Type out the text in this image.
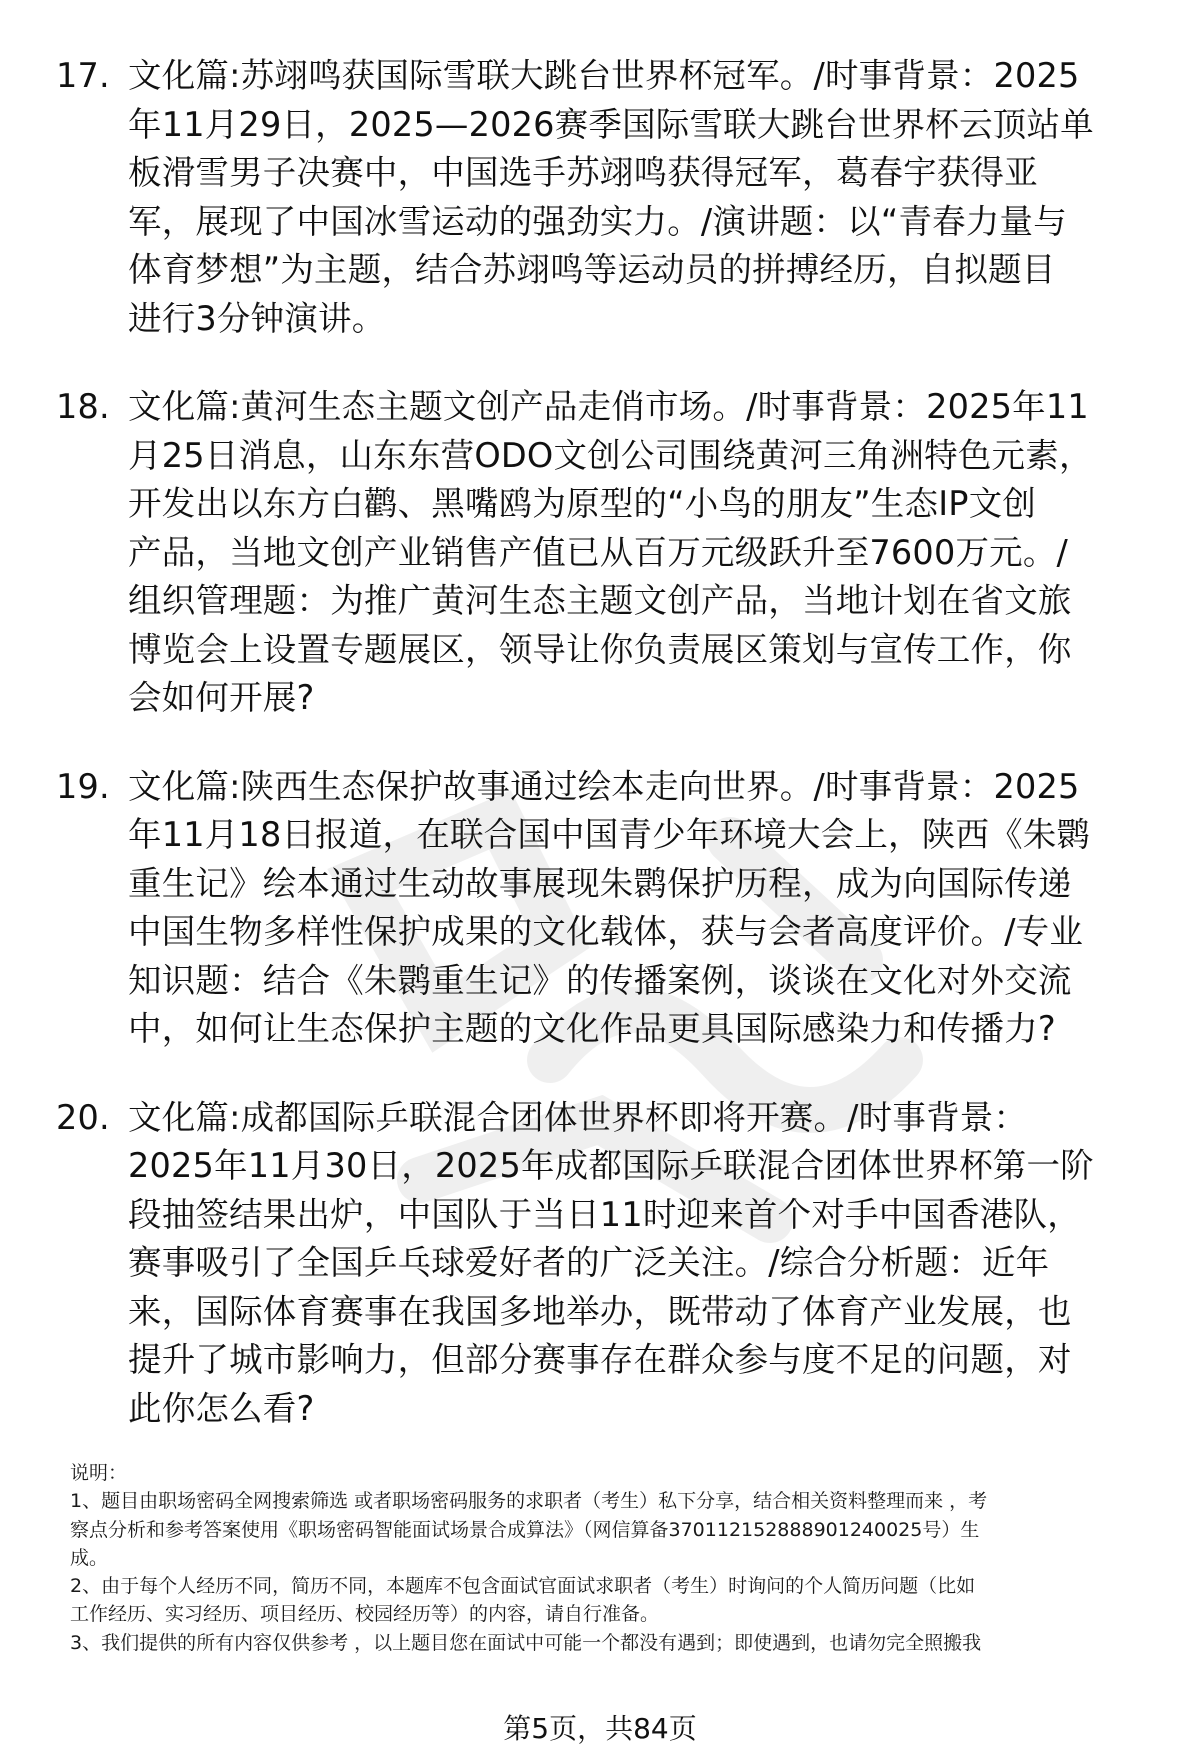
17. 文化篇:苏翊鸣获国际雪联大跳台世界杯冠军。/时事背景：2025
年11月29日，2025—2026赛季国际雪联大跳台世界杯云顶站单
板滑雪男子决赛中，中国选手苏翊鸣获得冠军，葛春宇获得亚
军，展现了中国冰雪运动的强劲实力。/演讲题：以“青春力量与
体育梦想”为主题，结合苏翊鸣等运动员的拼搏经历，自拟题目
进行3分钟演讲。
18. 文化篇:黄河生态主题文创产品走俏市场。/时事背景：2025年11
月25日消息，山东东营ODO文创公司围绕黄河三角洲特色元素，
开发出以东方白鹳、黑嘴鸥为原型的“小鸟的朋友”生态IP文创
产品，当地文创产业销售产值已从百万元级跃升至7600万元。/
组织管理题：为推广黄河生态主题文创产品，当地计划在省文旅
博览会上设置专题展区，领导让你负责展区策划与宣传工作，你
会如何开展?
19. 文化篇:陕西生态保护故事通过绘本走向世界。/时事背景：2025
年11月18日报道，在联合国中国青少年环境大会上，陕西《朱鹮
重生记》绘本通过生动故事展现朱鹮保护历程，成为向国际传递
中国生物多样性保护成果的文化载体，获与会者高度评价。/专业
知识题：结合《朱鹮重生记》的传播案例，谈谈在文化对外交流
中，如何让生态保护主题的文化作品更具国际感染力和传播力?
20. 文化篇:成都国际乒联混合团体世界杯即将开赛。/时事背景：
2025年11月30日，2025年成都国际乒联混合团体世界杯第一阶
段抽签结果出炉，中国队于当日11时迎来首个对手中国香港队，
赛事吸引了全国乒乓球爱好者的广泛关注。/综合分析题：近年
来，国际体育赛事在我国多地举办，既带动了体育产业发展，也
提升了城市影响力，但部分赛事存在群众参与度不足的问题，对
此你怎么看?
说明：
1、题目由职场密码全网搜索筛选 或者职场密码服务的求职者（考生）私下分享，结合相关资料整理而来 ，考
察点分析和参考答案使用《职场密码智能面试场景合成算法》（网信算备370112152888901240025号）生
成。
2、由于每个人经历不同，简历不同，本题库不包含面试官面试求职者（考生）时询问的个人简历问题（比如
工作经历、实习经历、项目经历、校园经历等）的内容，请自行准备。
3、我们提供的所有内容仅供参考 ，以上题目您在面试中可能一个都没有遇到；即使遇到，也请勿完全照搬我
第5页，共84页
